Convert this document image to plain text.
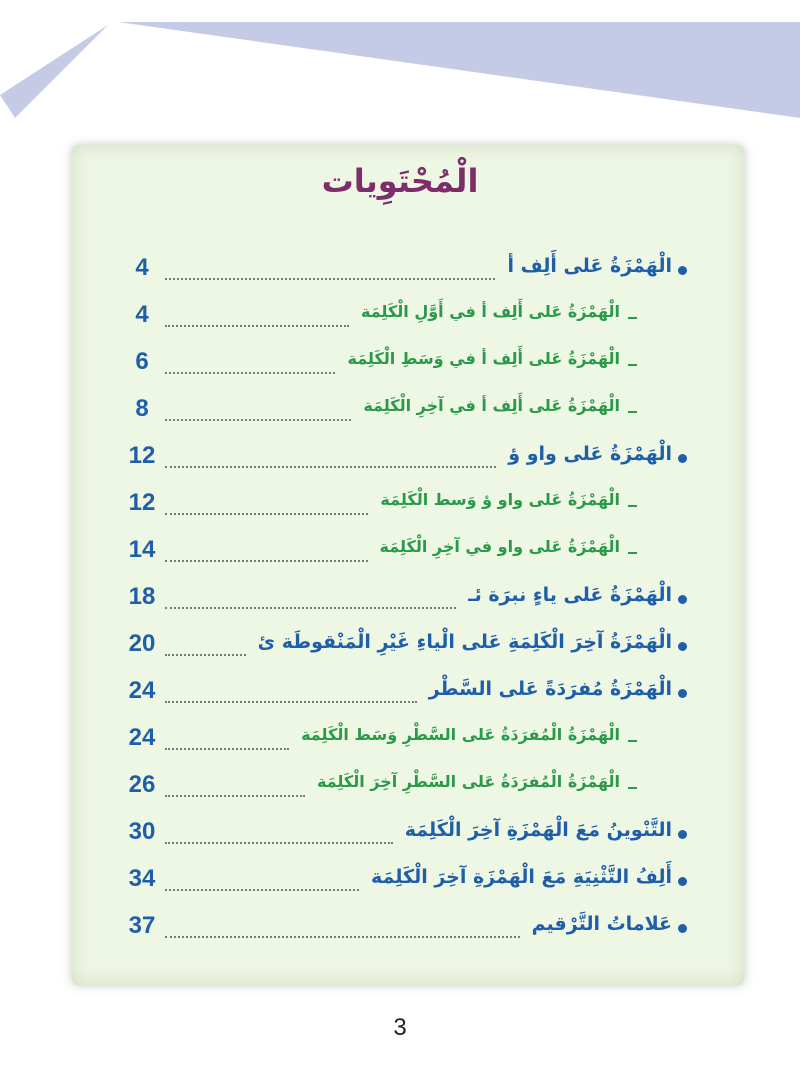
الْمُحْتَوِيات
4	الْهَمْزَةُ عَلى أَلِف أ
4	الْهَمْزَةُ عَلى أَلِف أ في أَوَّلِ الْكَلِمَة
6	الْهَمْزَةُ عَلى أَلِف أ في وَسَطِ الْكَلِمَة
8	الْهَمْزَةُ عَلى أَلِف أ في آخِرِ الْكَلِمَة
12	الْهَمْزَةُ عَلى واو ؤ
12	الْهَمْزَةُ عَلى واو ؤ وَسط الْكَلِمَة
14	الْهَمْزَةُ عَلى واو في آخِرِ الْكَلِمَة
18	الْهَمْزَةُ عَلى ياءٍ نبرَة ئـ
20	الْهَمْزَةُ آخِرَ الْكَلِمَةِ عَلى الْياءِ غَيْرِ الْمَنْقوطَة ئ
24	الْهَمْزَةُ مُفرَدَةً عَلى السَّطْر
24	الْهَمْزَةُ الْمُفرَدَةُ عَلى السَّطْرِ وَسَط الْكَلِمَة
26	الْهَمْزَةُ الْمُفرَدَةُ عَلى السَّطْرِ آخِرَ الْكَلِمَة
30	التَّنْوينُ مَعَ الْهَمْزَةِ آخِرَ الْكَلِمَة
34	أَلِفُ التَّثْنِيَةِ مَعَ الْهَمْزَةِ آخِرَ الْكَلِمَة
37	عَلاماتُ التَّرْقيم
3
